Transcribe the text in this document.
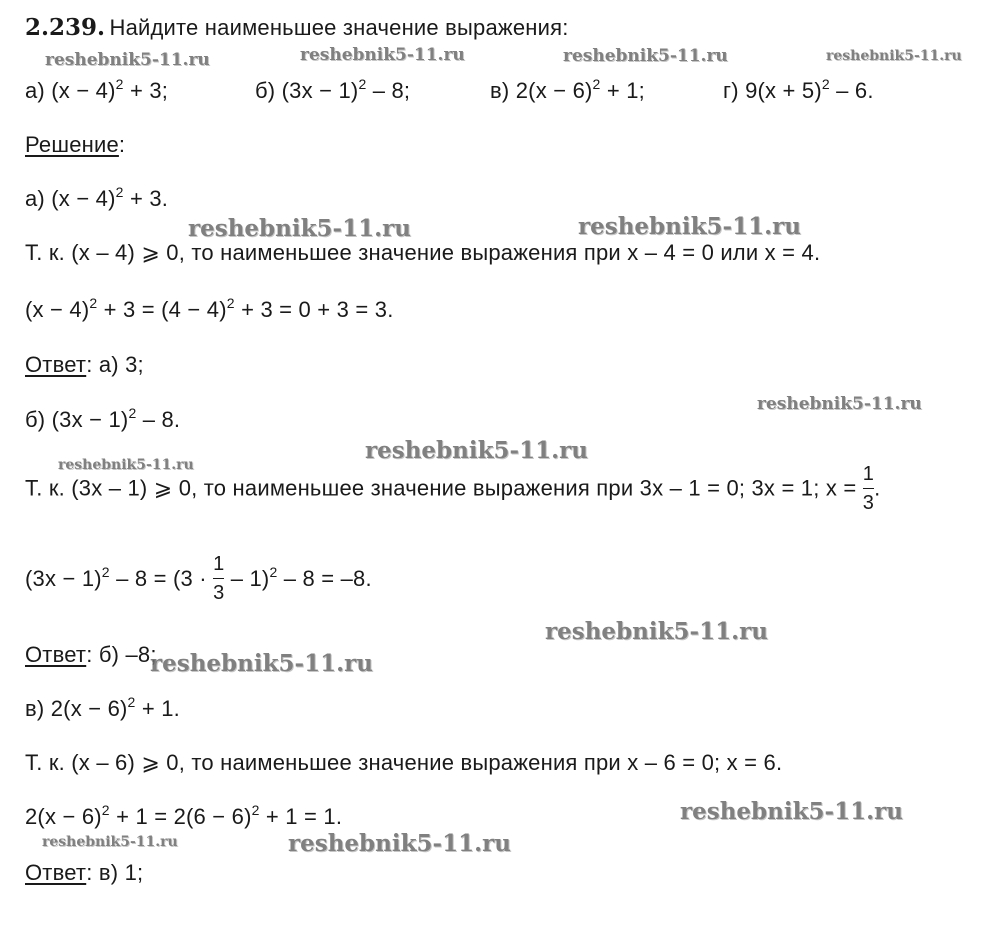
2.239. Найдите наименьшее значение выражения:
а) $(x - 4)^2 + 3$;	б) $(3x - 1)^2 - 8$;	в) $2(x - 6)^2 + 1$;	г) $9(x + 5)^2 - 6$.
Решение:
а) $(x - 4)^2 + 3$.
Т. к. (x – 4) ⩾ 0, то наименьшее значение выражения при x – 4 = 0 или x = 4.
$(x - 4)^2 + 3 = (4 - 4)^2 + 3 = 0 + 3 = 3$.
Ответ: а) 3;
б) $(3x - 1)^2 - 8$.
Т. к. (3x – 1) ⩾ 0, то наименьшее значение выражения при 3x – 1 = 0; 3x = 1; $x = \frac{1}{3}$ .
$(3x - 1)^2 - 8 = (3 \cdot \frac{1}{3} - 1)^2 - 8 = -8$.
Ответ: б) –8;
в) $2(x - 6)^2 + 1$.
Т. к. (x – 6) ⩾ 0, то наименьшее значение выражения при x – 6 = 0; x = 6.
$2(x - 6)^2 + 1 = 2(6 - 6)^2 + 1 = 1$.
Ответ: в) 1;
reshebnik5-11.ru	reshebnik5-11.ru	reshebnik5-11.ru	reshebnik5-11.ru
reshebnik5-11.ru	reshebnik5-11.ru
reshebnik5-11.ru
reshebnik5-11.ru
reshebnik5-11.ru
reshebnik5-11.ru
reshebnik5-11.ru
reshebnik5-11.ru
reshebnik5-11.ru	reshebnik5-11.ru
